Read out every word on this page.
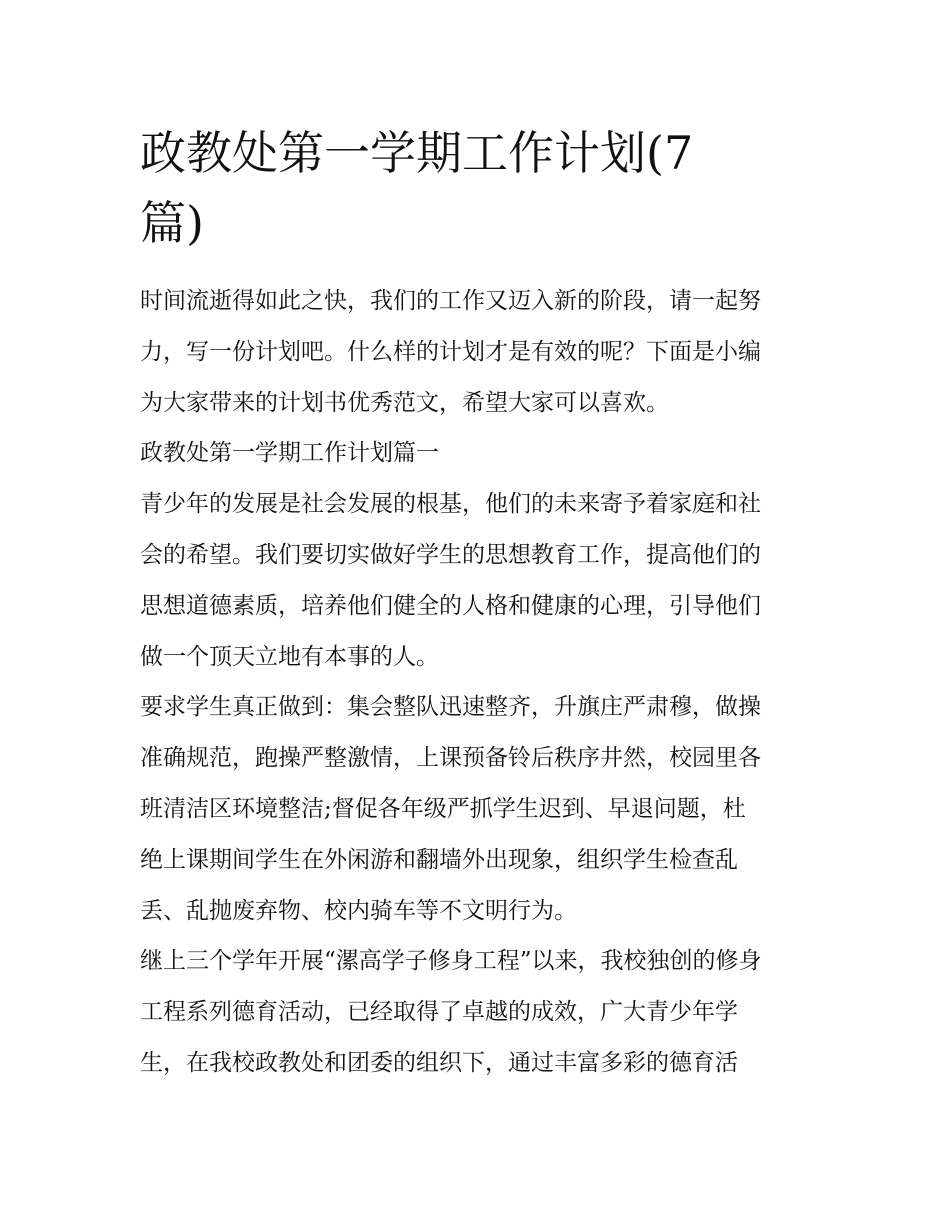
政教处第一学期工作计划(7
篇)
时间流逝得如此之快，我们的工作又迈入新的阶段，请一起努
力，写一份计划吧。什么样的计划才是有效的呢？下面是小编
为大家带来的计划书优秀范文，希望大家可以喜欢。
政教处第一学期工作计划篇一
青少年的发展是社会发展的根基，他们的未来寄予着家庭和社
会的希望。我们要切实做好学生的思想教育工作，提高他们的
思想道德素质，培养他们健全的人格和健康的心理，引导他们
做一个顶天立地有本事的人。
要求学生真正做到：集会整队迅速整齐，升旗庄严肃穆，做操
准确规范，跑操严整激情，上课预备铃后秩序井然，校园里各
班清洁区环境整洁;督促各年级严抓学生迟到、早退问题，杜
绝上课期间学生在外闲游和翻墙外出现象，组织学生检查乱
丢、乱抛废弃物、校内骑车等不文明行为。
继上三个学年开展“漯高学子修身工程”以来，我校独创的修身
工程系列德育活动，已经取得了卓越的成效，广大青少年学
生，在我校政教处和团委的组织下，通过丰富多彩的德育活
